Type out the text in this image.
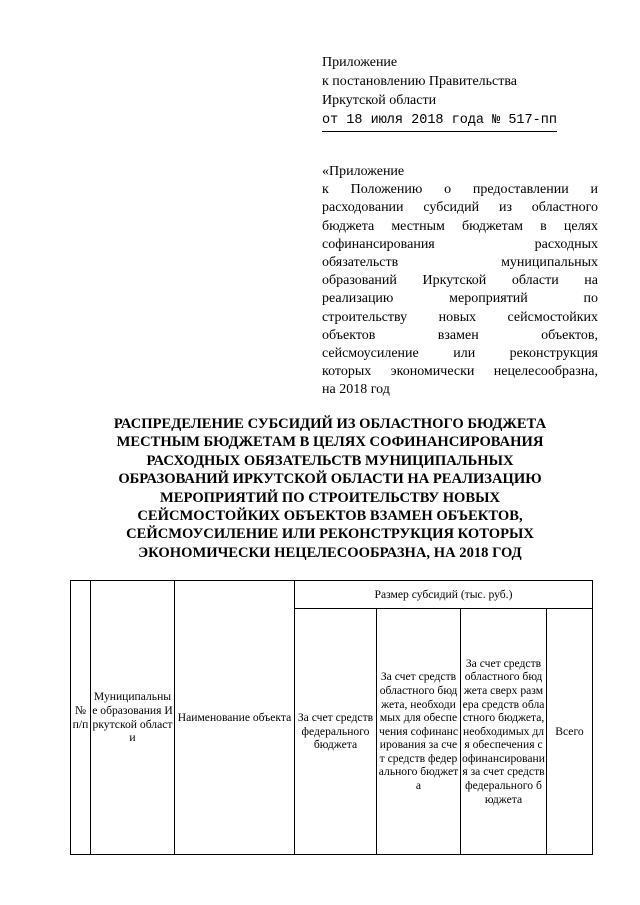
Приложение
к постановлению Правительства
Иркутской области
от 18 июля 2018 года № 517-пп
«Приложение
к Положению о предоставлении и
расходовании субсидий из областного
бюджета местным бюджетам в целях
софинансирования расходных
обязательств муниципальных
образований Иркутской области на
реализацию мероприятий по
строительству новых сейсмостойких
объектов взамен объектов,
сейсмоусиление или реконструкция
которых экономически нецелесообразна,
на 2018 год
РАСПРЕДЕЛЕНИЕ СУБСИДИЙ ИЗ ОБЛАСТНОГО БЮДЖЕТА
МЕСТНЫМ БЮДЖЕТАМ В ЦЕЛЯХ СОФИНАНСИРОВАНИЯ
РАСХОДНЫХ ОБЯЗАТЕЛЬСТВ МУНИЦИПАЛЬНЫХ
ОБРАЗОВАНИЙ ИРКУТСКОЙ ОБЛАСТИ НА РЕАЛИЗАЦИЮ
МЕРОПРИЯТИЙ ПО СТРОИТЕЛЬСТВУ НОВЫХ
СЕЙСМОСТОЙКИХ ОБЪЕКТОВ ВЗАМЕН ОБЪЕКТОВ,
СЕЙСМОУСИЛЕНИЕ ИЛИ РЕКОНСТРУКЦИЯ КОТОРЫХ
ЭКОНОМИЧЕСКИ НЕЦЕЛЕСООБРАЗНА, НА 2018 ГОД
№ п/п	Муниципальные образования Иркутской области	Наименование объекта	Размер субсидий (тыс. руб.)			
			За счет средств федерального бюджета	За счет средств областного бюджета, необходимых для обеспечения софинансирования за счет средств федерального бюджета	За счет средств областного бюджета сверх размера средств областного бюджета, необходимых для обеспечения софинансирования за счет средств федерального бюджета	Всего
